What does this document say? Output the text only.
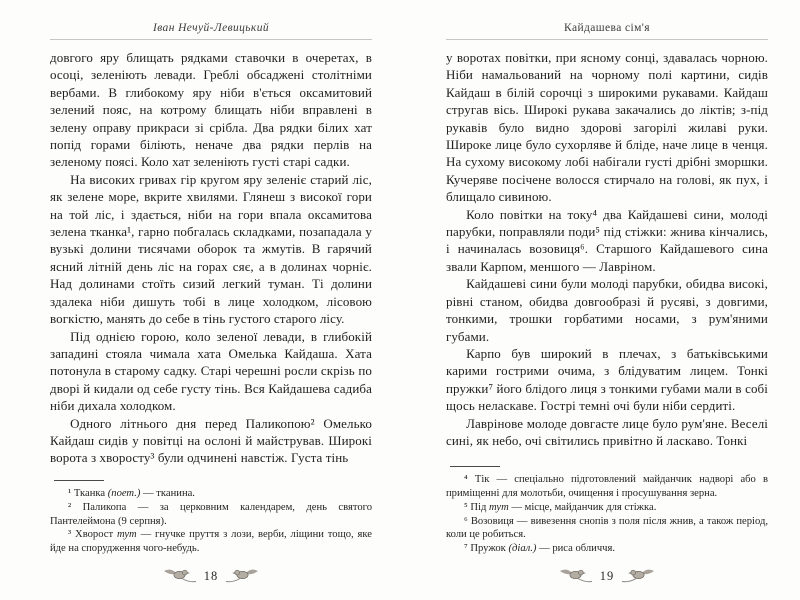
Іван Нечуй-Левицький

довгого яру блищать рядками ставочки в очеретах, в осоці, зеленіють левади. Греблі обсаджені столітніми вербами. В глибокому яру ніби в'ється оксамитовий зелений пояс, на котрому блищать ніби вправлені в зелену оправу прикраси зі срібла. Два рядки білих хат попід горами біліють, неначе два рядки перлів на зеленому поясі. Коло хат зеленіють густі старі садки.

На високих гривах гір кругом яру зеленіє старий ліс, як зелене море, вкрите хвилями. Глянеш з високої гори на той ліс, і здається, ніби на гори впала оксамитова зелена тканка¹, гарно побгалась складками, позападала у вузькі долини тисячами оборок та жмутів. В гарячий ясний літній день ліс на горах сяє, а в долинах чорніє. Над долинами стоїть сизий легкий туман. Ті долини здалека ніби дишуть тобі в лице холодком, лісовою вогкістю, манять до себе в тінь густого старого лісу.

Під однією горою, коло зеленої левади, в глибокій западині стояла чимала хата Омелька Кайдаша. Хата потонула в старому садку. Старі черешні росли скрізь по дворі й кидали од себе густу тінь. Вся Кайдашева садиба ніби дихала холодком.

Одного літнього дня перед Паликопою² Омелько Кайдаш сидів у повітці на ослоні й майстрував. Широкі ворота з хворосту³ були одчинені навстіж. Густа тінь

¹ Тканка (поет.) — тканина.

² Паликопа — за церковним календарем, день святого Пантелеймона (9 серпня).

³ Хворост тут — гнучке пруття з лози, верби, ліщини тощо, яке йде на спорудження чого-небудь.

18
Кайдашева сім'я

у воротах повітки, при ясному сонці, здавалась чорною. Ніби намальований на чорному полі картини, сидів Кайдаш в білій сорочці з широкими рукавами. Кайдаш стругав вісь. Широкі рукава закачались до ліктів; з-під рукавів було видно здорові загорілі жилаві руки. Широке лице було сухорляве й бліде, наче лице в ченця. На сухому високому лобі набігали густі дрібні зморшки. Кучеряве посічене волосся стирчало на голові, як пух, і блищало сивиною.

Коло повітки на току⁴ два Кайдашеві сини, молоді парубки, поправляли поди⁵ під стіжки: жнива кінчались, і начиналась возовиця⁶. Старшого Кайдашевого сина звали Карпом, меншого — Лавріном.

Кайдашеві сини були молоді парубки, обидва високі, рівні станом, обидва довгообразі й русяві, з довгими, тонкими, трошки горбатими носами, з рум'яними губами.

Карпо був широкий в плечах, з батьківськими карими гострими очима, з блідуватим лицем. Тонкі пружки⁷ його блідого лиця з тонкими губами мали в собі щось неласкаве. Гострі темні очі були ніби сердиті.

Лаврінове молоде довгасте лице було рум'яне. Веселі сині, як небо, очі світились привітно й ласкаво. Тонкі

⁴ Тік — спеціально підготовлений майданчик надворі або в приміщенні для молотьби, очищення і просушування зерна.

⁵ Під тут — місце, майданчик для стіжка.

⁶ Возовиця — вивезення снопів з поля після жнив, а також період, коли це робиться.

⁷ Пружок (діал.) — риса обличчя.

19
